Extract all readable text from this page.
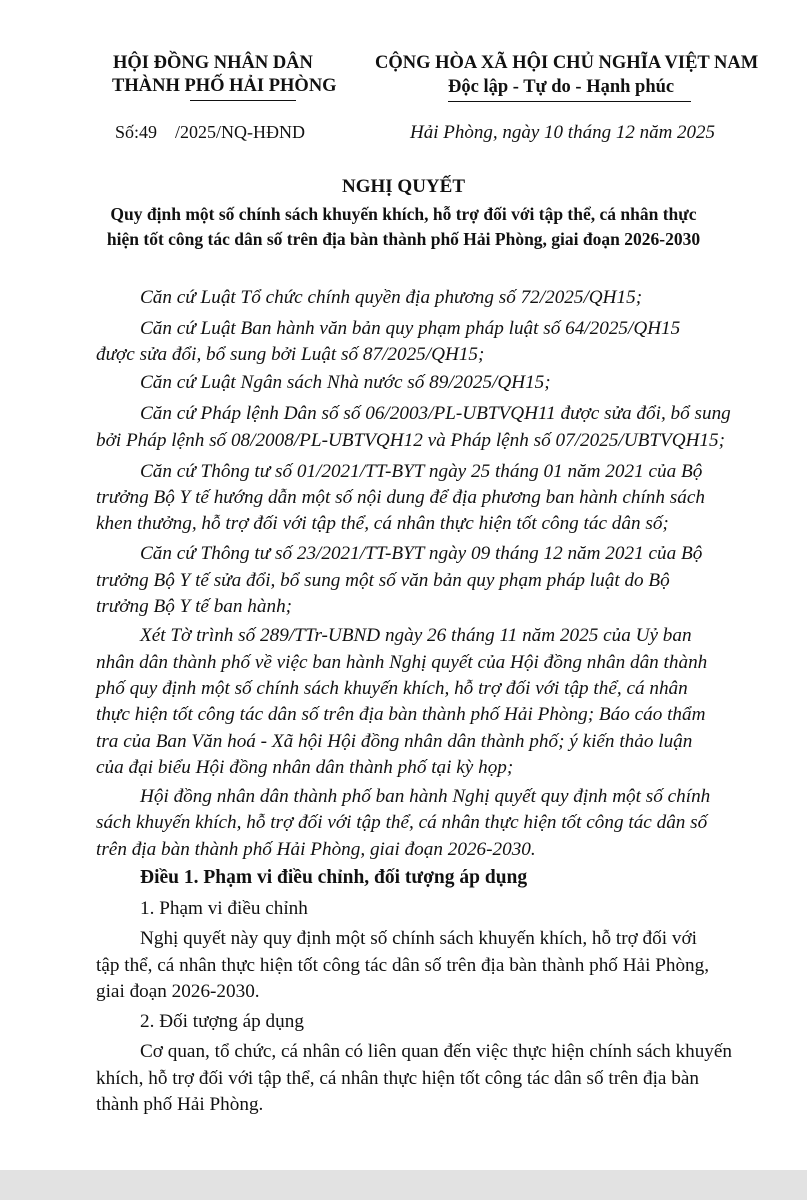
HỘI ĐỒNG NHÂN DÂN
THÀNH PHỐ HẢI PHÒNG
CỘNG HÒA XÃ HỘI CHỦ NGHĨA VIỆT NAM
Độc lập - Tự do - Hạnh phúc
Số:49    /2025/NQ-HĐND	Hải Phòng, ngày 10 tháng 12 năm 2025
NGHỊ QUYẾT
Quy định một số chính sách khuyến khích, hỗ trợ đối với tập thể, cá nhân thực
hiện tốt công tác dân số trên địa bàn thành phố Hải Phòng, giai đoạn 2026-2030
Căn cứ Luật Tổ chức chính quyền địa phương số 72/2025/QH15;
Căn cứ Luật Ban hành văn bản quy phạm pháp luật số 64/2025/QH15
được sửa đổi, bổ sung bởi Luật số 87/2025/QH15;
Căn cứ Luật Ngân sách Nhà nước số 89/2025/QH15;
Căn cứ Pháp lệnh Dân số số 06/2003/PL-UBTVQH11 được sửa đổi, bổ sung
bởi Pháp lệnh số 08/2008/PL-UBTVQH12 và Pháp lệnh số 07/2025/UBTVQH15;
Căn cứ Thông tư số 01/2021/TT-BYT ngày 25 tháng 01 năm 2021 của Bộ
trưởng Bộ Y tế hướng dẫn một số nội dung để địa phương ban hành chính sách
khen thưởng, hỗ trợ đối với tập thể, cá nhân thực hiện tốt công tác dân số;
Căn cứ Thông tư số 23/2021/TT-BYT ngày 09 tháng 12 năm 2021 của Bộ
trưởng Bộ Y tế sửa đổi, bổ sung một số văn bản quy phạm pháp luật do Bộ
trưởng Bộ Y tế ban hành;
Xét Tờ trình số 289/TTr-UBND ngày 26 tháng 11 năm 2025 của Uỷ ban
nhân dân thành phố về việc ban hành Nghị quyết của Hội đồng nhân dân thành
phố quy định một số chính sách khuyến khích, hỗ trợ đối với tập thể, cá nhân
thực hiện tốt công tác dân số trên địa bàn thành phố Hải Phòng; Báo cáo thẩm
tra của Ban Văn hoá - Xã hội Hội đồng nhân dân thành phố; ý kiến thảo luận
của đại biểu Hội đồng nhân dân thành phố tại kỳ họp;
Hội đồng nhân dân thành phố ban hành Nghị quyết quy định một số chính
sách khuyến khích, hỗ trợ đối với tập thể, cá nhân thực hiện tốt công tác dân số
trên địa bàn thành phố Hải Phòng, giai đoạn 2026-2030.
Điều 1. Phạm vi điều chỉnh, đối tượng áp dụng
1. Phạm vi điều chỉnh
Nghị quyết này quy định một số chính sách khuyến khích, hỗ trợ đối với
tập thể, cá nhân thực hiện tốt công tác dân số trên địa bàn thành phố Hải Phòng,
giai đoạn 2026-2030.
2. Đối tượng áp dụng
Cơ quan, tổ chức, cá nhân có liên quan đến việc thực hiện chính sách khuyến
khích, hỗ trợ đối với tập thể, cá nhân thực hiện tốt công tác dân số trên địa bàn
thành phố Hải Phòng.
